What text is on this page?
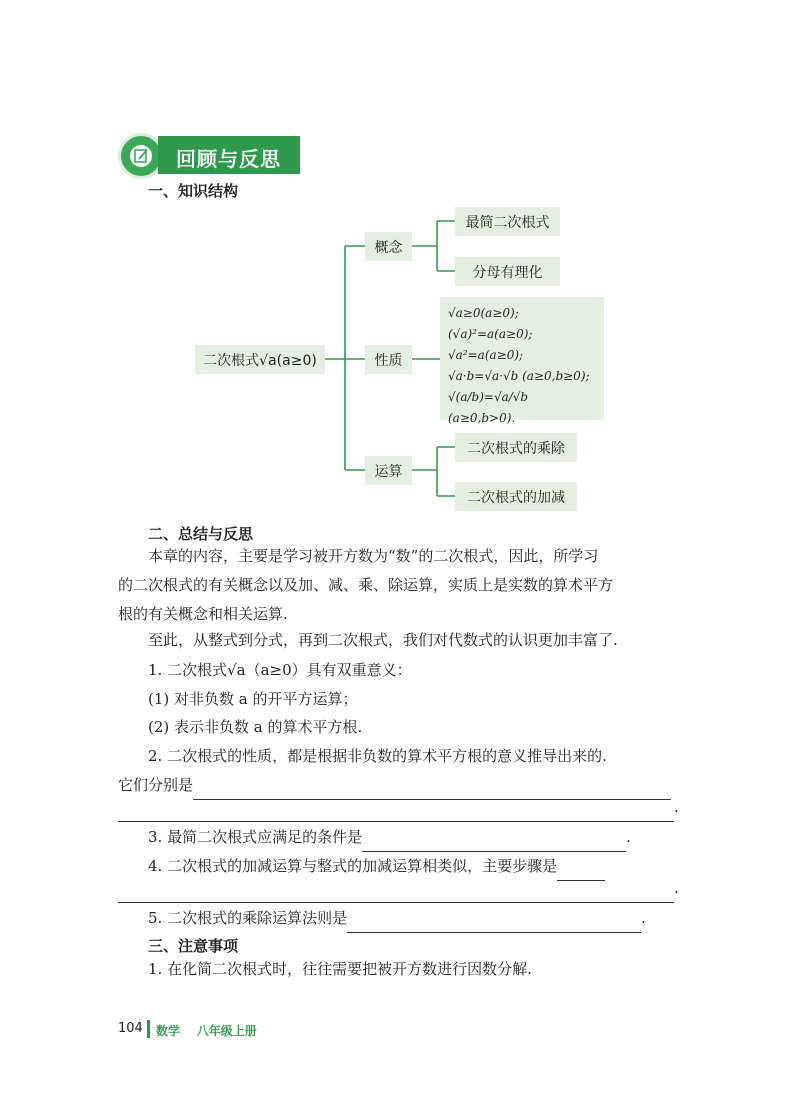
回顾与反思
一、知识结构
二次根式√a(a≥0)
概念
性质
运算
最简二次根式
分母有理化
√a≥0(a≥0);
(√a)²=a(a≥0);
√a²=a(a≥0);
√a·b=√a·√b (a≥0,b≥0);
√(a/b)=√a/√b (a≥0,b>0).
二次根式的乘除
二次根式的加减
二、总结与反思
本章的内容，主要是学习被开方数为“数”的二次根式，因此，所学习
的二次根式的有关概念以及加、减、乘、除运算，实质上是实数的算术平方
根的有关概念和相关运算.
至此，从整式到分式，再到二次根式，我们对代数式的认识更加丰富了.
1. 二次根式√a（a≥0）具有双重意义：
(1) 对非负数 a 的开平方运算；
(2) 表示非负数 a 的算术平方根.
2. 二次根式的性质，都是根据非负数的算术平方根的意义推导出来的.
它们分别是
.
3. 最简二次根式应满足的条件是	.
4. 二次根式的加减运算与整式的加减运算相类似，主要步骤是
.
5. 二次根式的乘除运算法则是	.
三、注意事项
1. 在化简二次根式时，往往需要把被开方数进行因数分解.
104 数学    八年级上册
